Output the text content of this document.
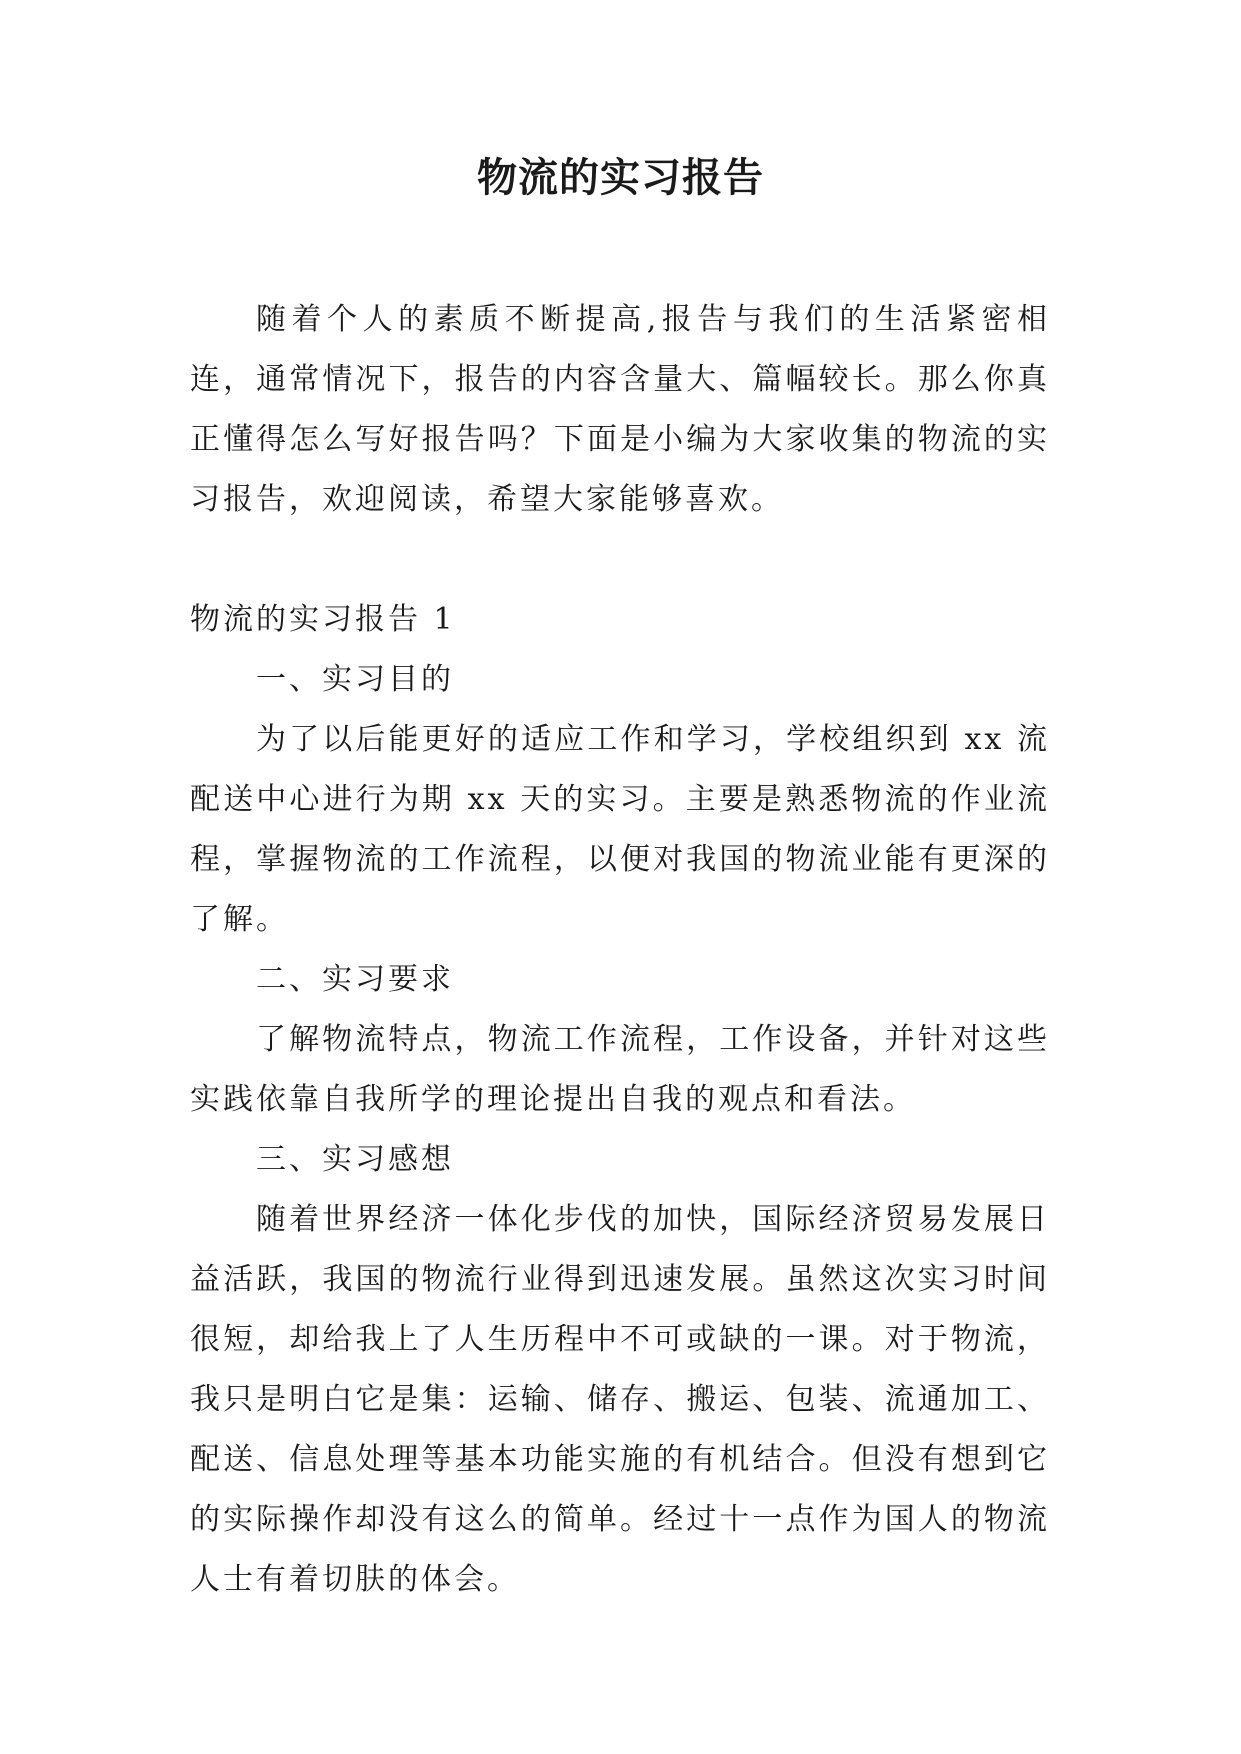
物流的实习报告

随着个人的素质不断提高,报告与我们的生活紧密相连，通常情况下，报告的内容含量大、篇幅较长。那么你真正懂得怎么写好报告吗？下面是小编为大家收集的物流的实习报告，欢迎阅读，希望大家能够喜欢。

物流的实习报告 1

一、实习目的

为了以后能更好的适应工作和学习，学校组织到 xx 流配送中心进行为期 xx 天的实习。主要是熟悉物流的作业流程，掌握物流的工作流程，以便对我国的物流业能有更深的了解。

二、实习要求

了解物流特点，物流工作流程，工作设备，并针对这些实践依靠自我所学的理论提出自我的观点和看法。

三、实习感想

随着世界经济一体化步伐的加快，国际经济贸易发展日益活跃，我国的物流行业得到迅速发展。虽然这次实习时间很短，却给我上了人生历程中不可或缺的一课。对于物流，我只是明白它是集：运输、储存、搬运、包装、流通加工、配送、信息处理等基本功能实施的有机结合。但没有想到它的实际操作却没有这么的简单。经过十一点作为国人的物流人士有着切肤的体会。
